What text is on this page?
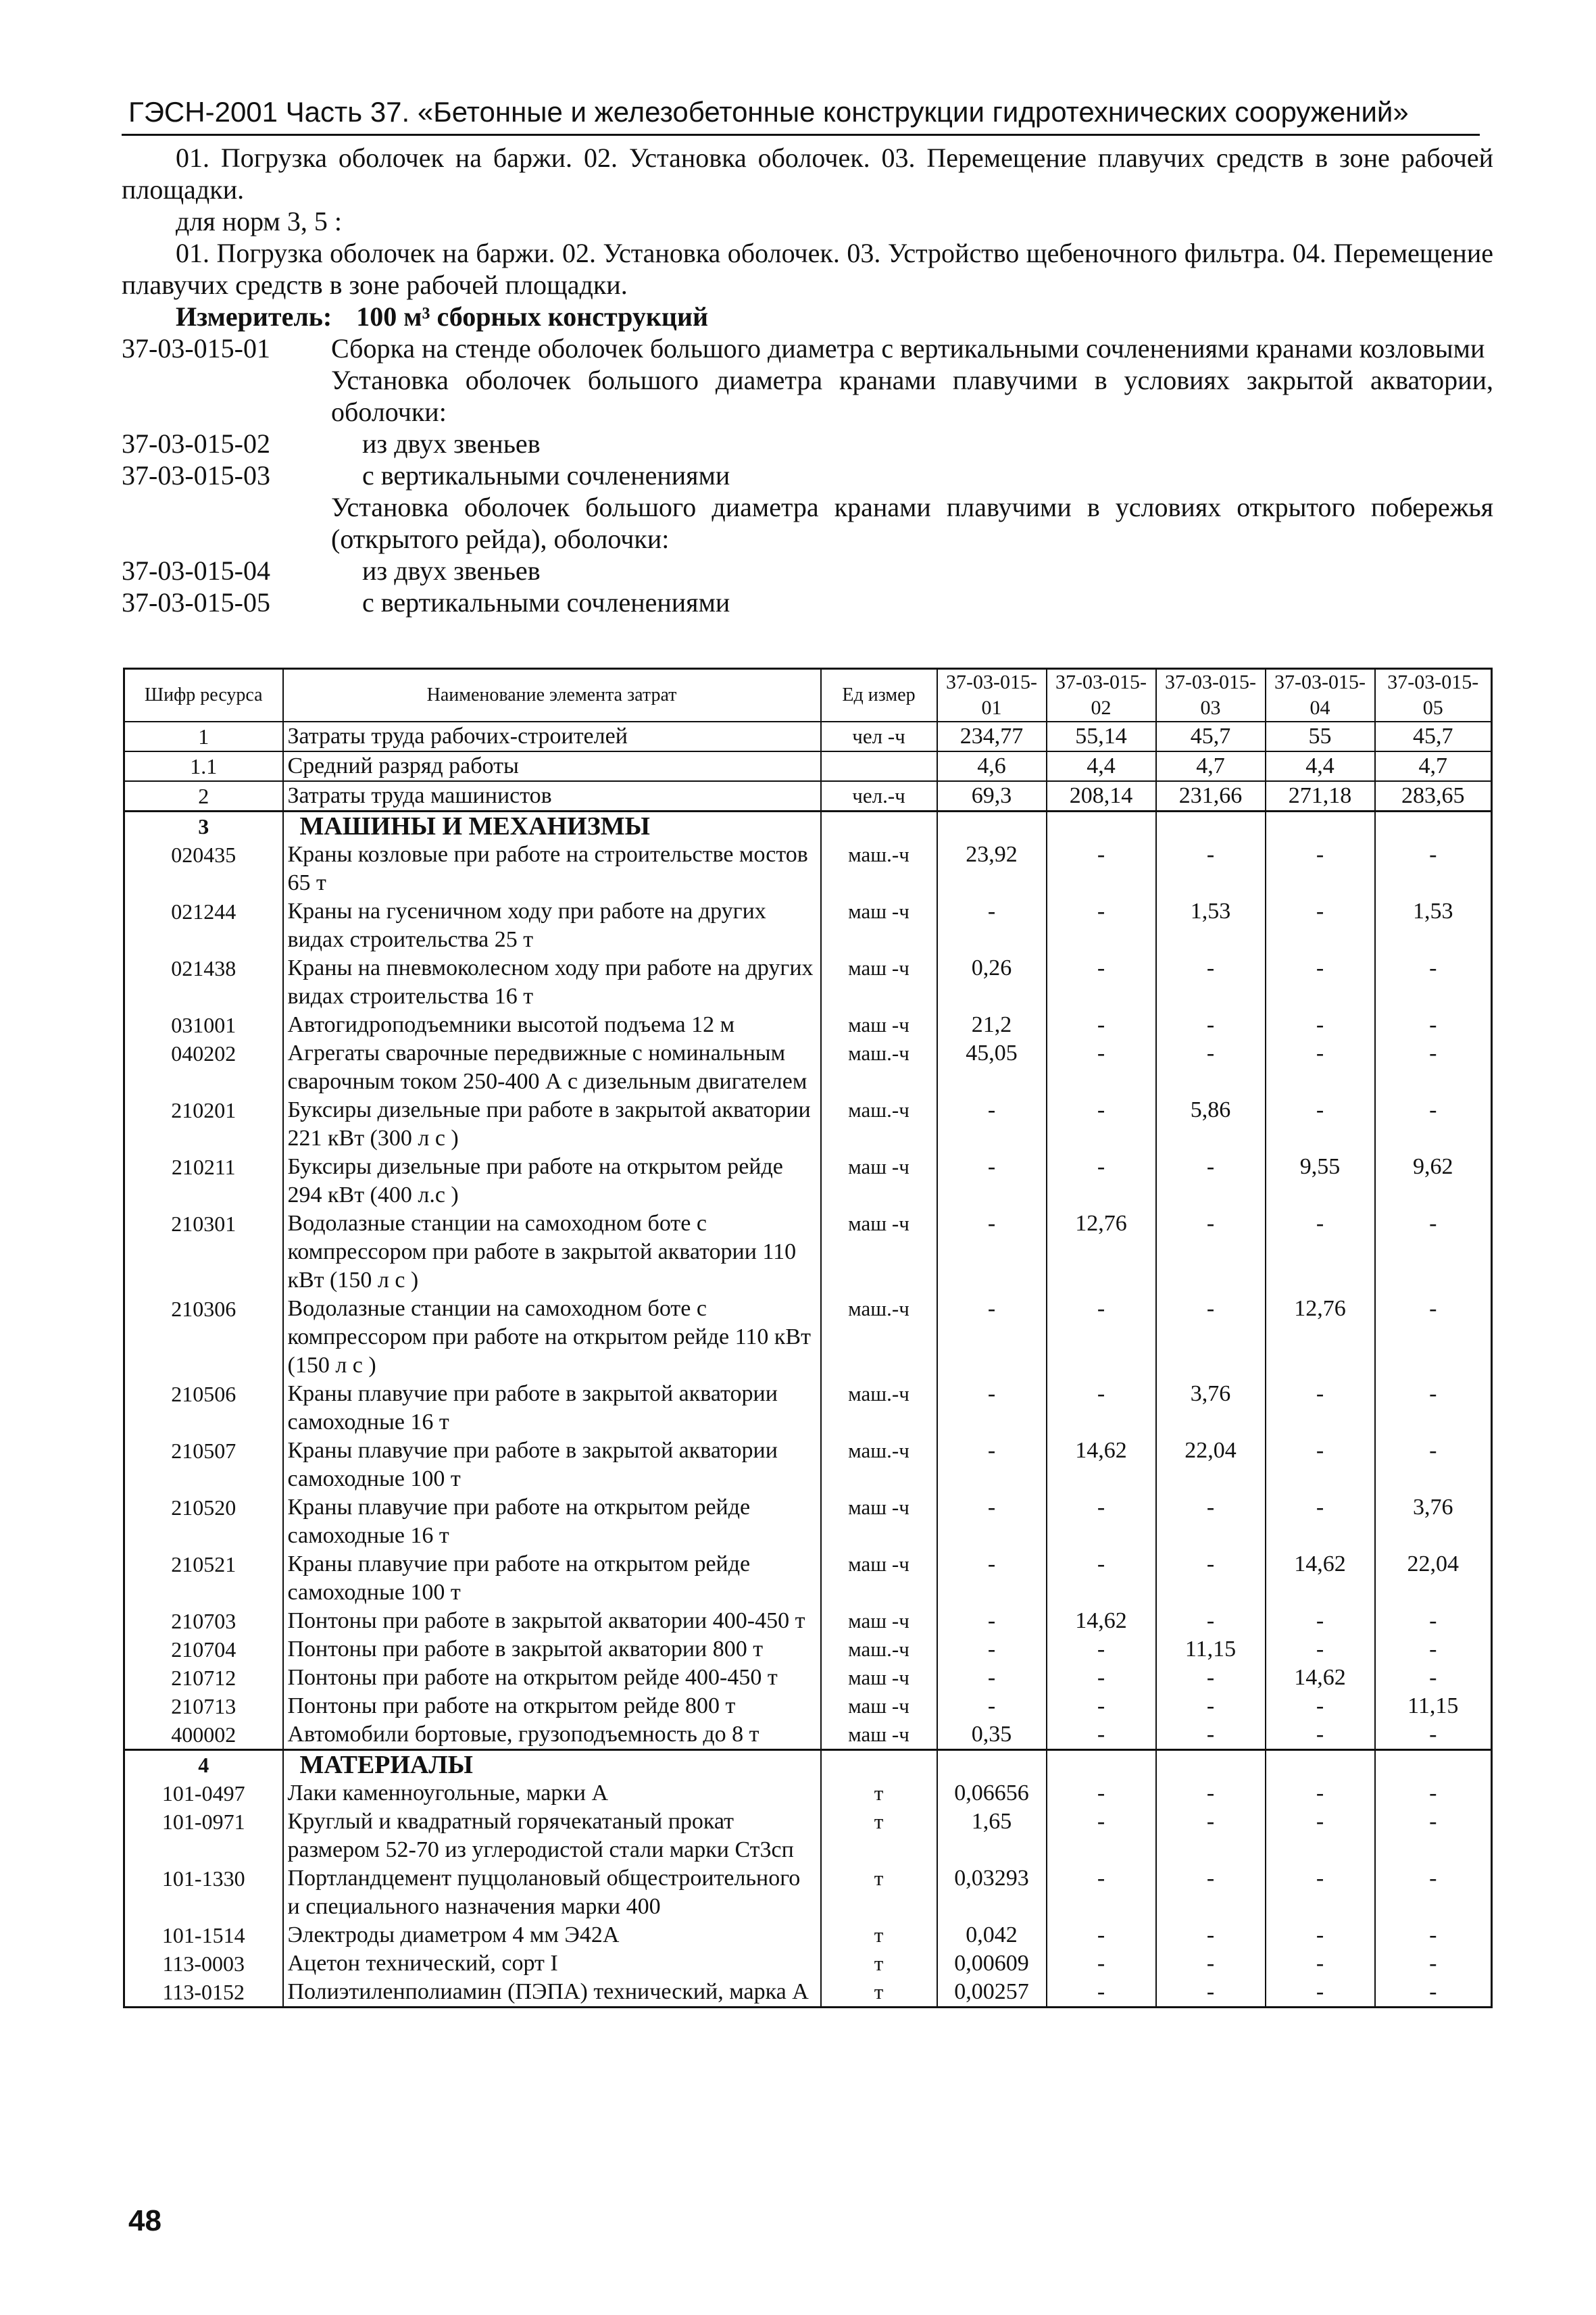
ГЭСН-2001 Часть 37. «Бетонные и железобетонные конструкции гидротехнических сооружений»

01. Погрузка оболочек на баржи. 02. Установка оболочек. 03. Перемещение плавучих средств в зоне рабочей площадки.

для норм 3, 5 :

01. Погрузка оболочек на баржи. 02. Установка оболочек. 03. Устройство щебеночного фильтра. 04. Перемещение плавучих средств в зоне рабочей площадки.

Измеритель: 100 м³ сборных конструкций

37-03-015-01	Сборка на стенде оболочек большого диаметра с вертикальными сочленениями кранами козловыми
	Установка оболочек большого диаметра кранами плавучими в условиях закрытой акватории, оболочки:
37-03-015-02	из двух звеньев
37-03-015-03	с вертикальными сочленениями
	Установка оболочек большого диаметра кранами плавучими в условиях открытого побережья (открытого рейда), оболочки:
37-03-015-04	из двух звеньев
37-03-015-05	с вертикальными сочленениями
Шифр ресурса	Наименование элемента затрат	Ед измер	37-03-015-01	37-03-015-02	37-03-015-03	37-03-015-04	37-03-015-05
1	Затраты труда рабочих-строителей	чел -ч	234,77	55,14	45,7	55	45,7
1.1	Средний разряд работы		4,6	4,4	4,7	4,4	4,7
2	Затраты труда машинистов	чел.-ч	69,3	208,14	231,66	271,18	283,65
3	МАШИНЫ И МЕХАНИЗМЫ						
020435	Краны козловые при работе на строительстве мостов 65 т	маш.-ч	23,92	-	-	-	-
021244	Краны на гусеничном ходу при работе на других видах строительства 25 т	маш -ч	-	-	1,53	-	1,53
021438	Краны на пневмоколесном ходу при работе на других видах строительства 16 т	маш -ч	0,26	-	-	-	-
031001	Автогидроподъемники высотой подъема 12 м	маш -ч	21,2	-	-	-	-
040202	Агрегаты сварочные передвижные с номинальным сварочным током 250-400 А с дизельным двигателем	маш.-ч	45,05	-	-	-	-
210201	Буксиры дизельные при работе в закрытой акватории 221 кВт (300 л с )	маш.-ч	-	-	5,86	-	-
210211	Буксиры дизельные при работе на открытом рейде 294 кВт (400 л.с )	маш -ч	-	-	-	9,55	9,62
210301	Водолазные станции на самоходном боте с компрессором при работе в закрытой акватории 110 кВт (150 л с )	маш -ч	-	12,76	-	-	-
210306	Водолазные станции на самоходном боте с компрессором при работе на открытом рейде 110 кВт (150 л с )	маш.-ч	-	-	-	12,76	-
210506	Краны плавучие при работе в закрытой акватории самоходные 16 т	маш.-ч	-	-	3,76	-	-
210507	Краны плавучие при работе в закрытой акватории самоходные 100 т	маш.-ч	-	14,62	22,04	-	-
210520	Краны плавучие при работе на открытом рейде самоходные 16 т	маш -ч	-	-	-	-	3,76
210521	Краны плавучие при работе на открытом рейде самоходные 100 т	маш -ч	-	-	-	14,62	22,04
210703	Понтоны при работе в закрытой акватории 400-450 т	маш -ч	-	14,62	-	-	-
210704	Понтоны при работе в закрытой акватории 800 т	маш.-ч	-	-	11,15	-	-
210712	Понтоны при работе на открытом рейде 400-450 т	маш -ч	-	-	-	14,62	-
210713	Понтоны при работе на открытом рейде 800 т	маш -ч	-	-	-	-	11,15
400002	Автомобили бортовые, грузоподъемность до 8 т	маш -ч	0,35	-	-	-	-
4	МАТЕРИАЛЫ						
101-0497	Лаки каменноугольные, марки А	т	0,06656	-	-	-	-
101-0971	Круглый и квадратный горячекатаный прокат размером 52-70 из углеродистой стали марки Ст3сп	т	1,65	-	-	-	-
101-1330	Портландцемент пуццолановый общестроительного и специального назначения марки 400	т	0,03293	-	-	-	-
101-1514	Электроды диаметром 4 мм Э42А	т	0,042	-	-	-	-
113-0003	Ацетон технический, сорт I	т	0,00609	-	-	-	-
113-0152	Полиэтиленполиамин (ПЭПА) технический, марка А	т	0,00257	-	-	-	-
48
